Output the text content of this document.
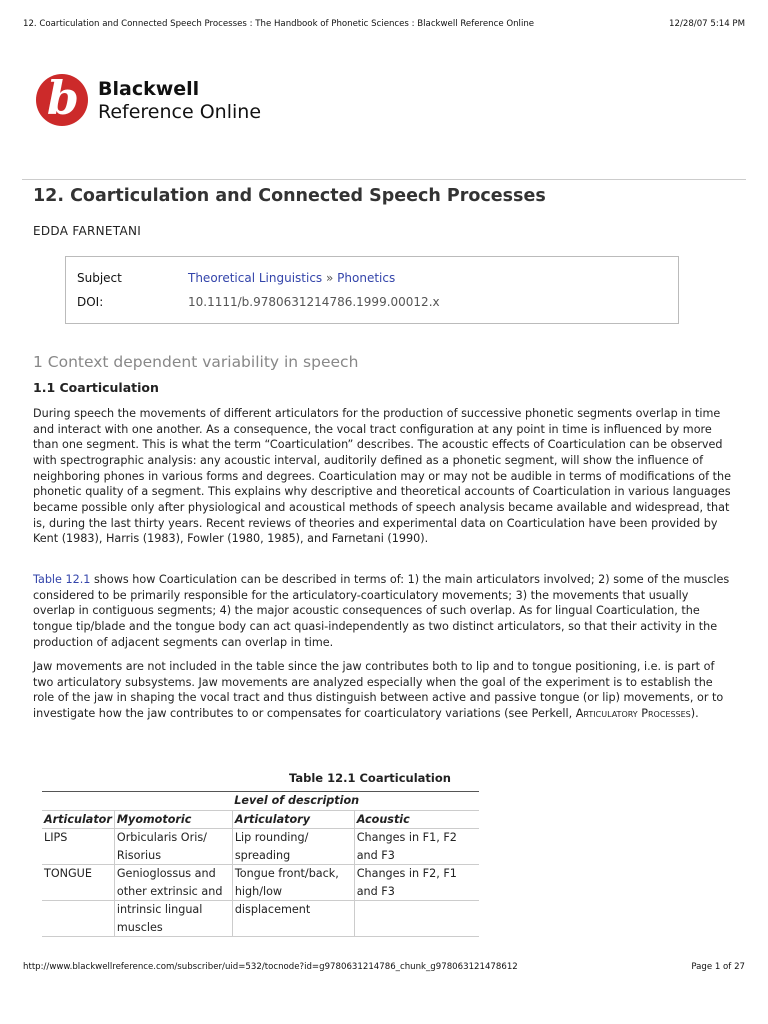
12. Coarticulation and Connected Speech Processes : The Handbook of Phonetic Sciences : Blackwell Reference Online	12/28/07 5:14 PM
b Blackwell
Reference Online
12. Coarticulation and Connected Speech Processes
EDDA FARNETANI
Subject	Theoretical Linguistics » Phonetics
DOI:	10.1111/b.9780631214786.1999.00012.x
1 Context dependent variability in speech
1.1 Coarticulation

During speech the movements of different articulators for the production of successive phonetic segments overlap in time and interact with one another. As a consequence, the vocal tract configuration at any point in time is influenced by more than one segment. This is what the term “Coarticulation” describes. The acoustic effects of Coarticulation can be observed with spectrographic analysis: any acoustic interval, auditorily defined as a phonetic segment, will show the influence of neighboring phones in various forms and degrees. Coarticulation may or may not be audible in terms of modifications of the phonetic quality of a segment. This explains why descriptive and theoretical accounts of Coarticulation in various languages became possible only after physiological and acoustical methods of speech analysis became available and widespread, that is, during the last thirty years. Recent reviews of theories and experimental data on Coarticulation have been provided by Kent (1983), Harris (1983), Fowler (1980, 1985), and Farnetani (1990).

Table 12.1 shows how Coarticulation can be described in terms of: 1) the main articulators involved; 2) some of the muscles considered to be primarily responsible for the articulatory-coarticulatory movements; 3) the movements that usually overlap in contiguous segments; 4) the major acoustic consequences of such overlap. As for lingual Coarticulation, the tongue tip/blade and the tongue body can act quasi-independently as two distinct articulators, so that their activity in the production of adjacent segments can overlap in time.

Jaw movements are not included in the table since the jaw contributes both to lip and to tongue positioning, i.e. is part of two articulatory subsystems. Jaw movements are analyzed especially when the goal of the experiment is to establish the role of the jaw in shaping the vocal tract and thus distinguish between active and passive tongue (or lip) movements, or to investigate how the jaw contributes to or compensates for coarticulatory variations (see Perkell, Articulatory Processes).

Table 12.1 Coarticulation
	Level of description		
Articulator	Myomotoric	Articulatory	Acoustic
LIPS	Orbicularis Oris/	Lip rounding/	Changes in F1, F2
	Risorius	spreading	and F3
TONGUE	Genioglossus and	Tongue front/back,	Changes in F2, F1
	other extrinsic and	high/low	and F3
	intrinsic lingual	displacement	
	muscles		
http://www.blackwellreference.com/subscriber/uid=532/tocnode?id=g9780631214786_chunk_g978063121478612	Page 1 of 27
